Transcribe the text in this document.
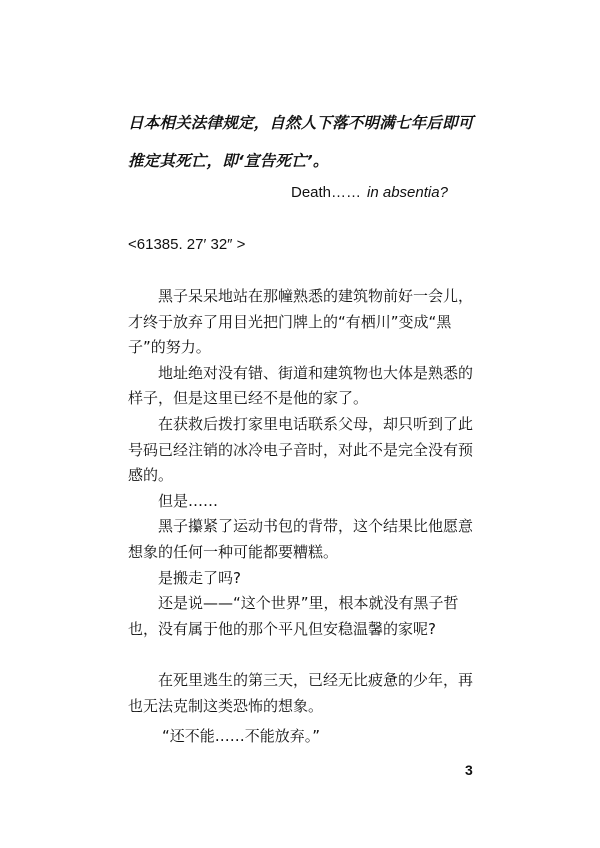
日本相关法律规定，自然人下落不明满七年后即可推定其死亡，即‘宣告死亡’。
Death…… in absentia?
<61385. 27′ 32″ >

黑子呆呆地站在那幢熟悉的建筑物前好一会儿，才终于放弃了用目光把门牌上的“有栖川”变成“黑子”的努力。

地址绝对没有错、街道和建筑物也大体是熟悉的样子，但是这里已经不是他的家了。

在获救后拨打家里电话联系父母，却只听到了此号码已经注销的冰冷电子音时，对此不是完全没有预感的。

但是……

黑子攥紧了运动书包的背带，这个结果比他愿意想象的任何一种可能都要糟糕。

是搬走了吗?

还是说——“这个世界”里，根本就没有黑子哲也，没有属于他的那个平凡但安稳温馨的家呢?

在死里逃生的第三天，已经无比疲惫的少年，再也无法克制这类恐怖的想象。

“还不能……不能放弃。”
3
